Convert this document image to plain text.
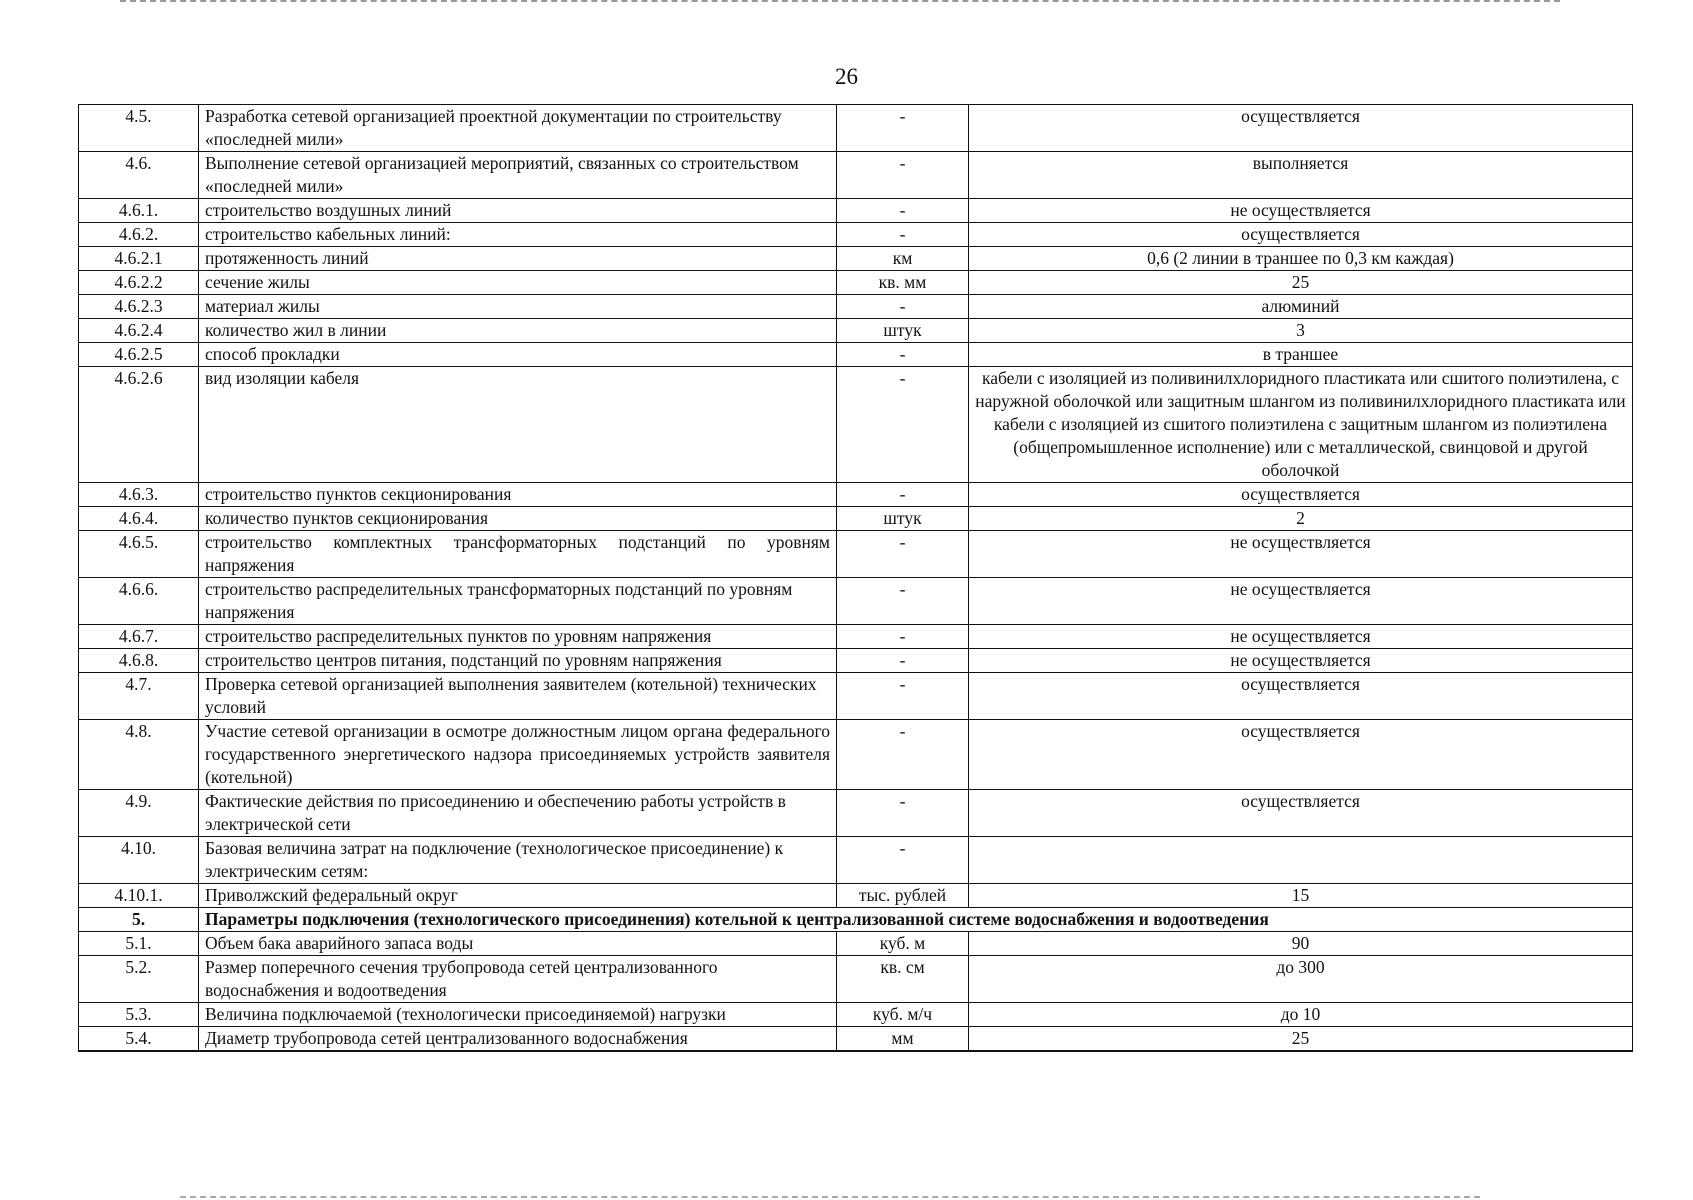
26
4.5.	Разработка сетевой организацией проектной документации по строительству «последней мили»	-	осуществляется
4.6.	Выполнение сетевой организацией мероприятий, связанных со строительством «последней мили»	-	выполняется
4.6.1.	строительство воздушных линий	-	не осуществляется
4.6.2.	строительство кабельных линий:	-	осуществляется
4.6.2.1	протяженность линий	км	0,6 (2 линии в траншее по 0,3 км каждая)
4.6.2.2	сечение жилы	кв. мм	25
4.6.2.3	материал жилы	-	алюминий
4.6.2.4	количество жил в линии	штук	3
4.6.2.5	способ прокладки	-	в траншее
4.6.2.6	вид изоляции кабеля	-	кабели с изоляцией из поливинилхлоридного пластиката или сшитого полиэтилена, с наружной оболочкой или защитным шлангом из поливинилхлоридного пластиката или кабели с изоляцией из сшитого полиэтилена с защитным шлангом из полиэтилена (общепромышленное исполнение) или с металлической, свинцовой и другой оболочкой
4.6.3.	строительство пунктов секционирования	-	осуществляется
4.6.4.	количество пунктов секционирования	штук	2
4.6.5.	строительство комплектных трансформаторных подстанций по уровням напряжения	-	не осуществляется
4.6.6.	строительство распределительных трансформаторных подстанций по уровням напряжения	-	не осуществляется
4.6.7.	строительство распределительных пунктов по уровням напряжения	-	не осуществляется
4.6.8.	строительство центров питания, подстанций по уровням напряжения	-	не осуществляется
4.7.	Проверка сетевой организацией выполнения заявителем (котельной) технических условий	-	осуществляется
4.8.	Участие сетевой организации в осмотре должностным лицом органа федерального государственного энергетического надзора присоединяемых устройств заявителя (котельной)	-	осуществляется
4.9.	Фактические действия по присоединению и обеспечению работы устройств в электрической сети	-	осуществляется
4.10.	Базовая величина затрат на подключение (технологическое присоединение) к электрическим сетям:	-	
4.10.1.	Приволжский федеральный округ	тыс. рублей	15
5.	Параметры подключения (технологического присоединения) котельной к централизованной системе водоснабжения и водоотведения		
5.1.	Объем бака аварийного запаса воды	куб. м	90
5.2.	Размер поперечного сечения трубопровода сетей централизованного водоснабжения и водоотведения	кв. см	до 300
5.3.	Величина подключаемой (технологически присоединяемой) нагрузки	куб. м/ч	до 10
5.4.	Диаметр трубопровода сетей централизованного водоснабжения	мм	25
